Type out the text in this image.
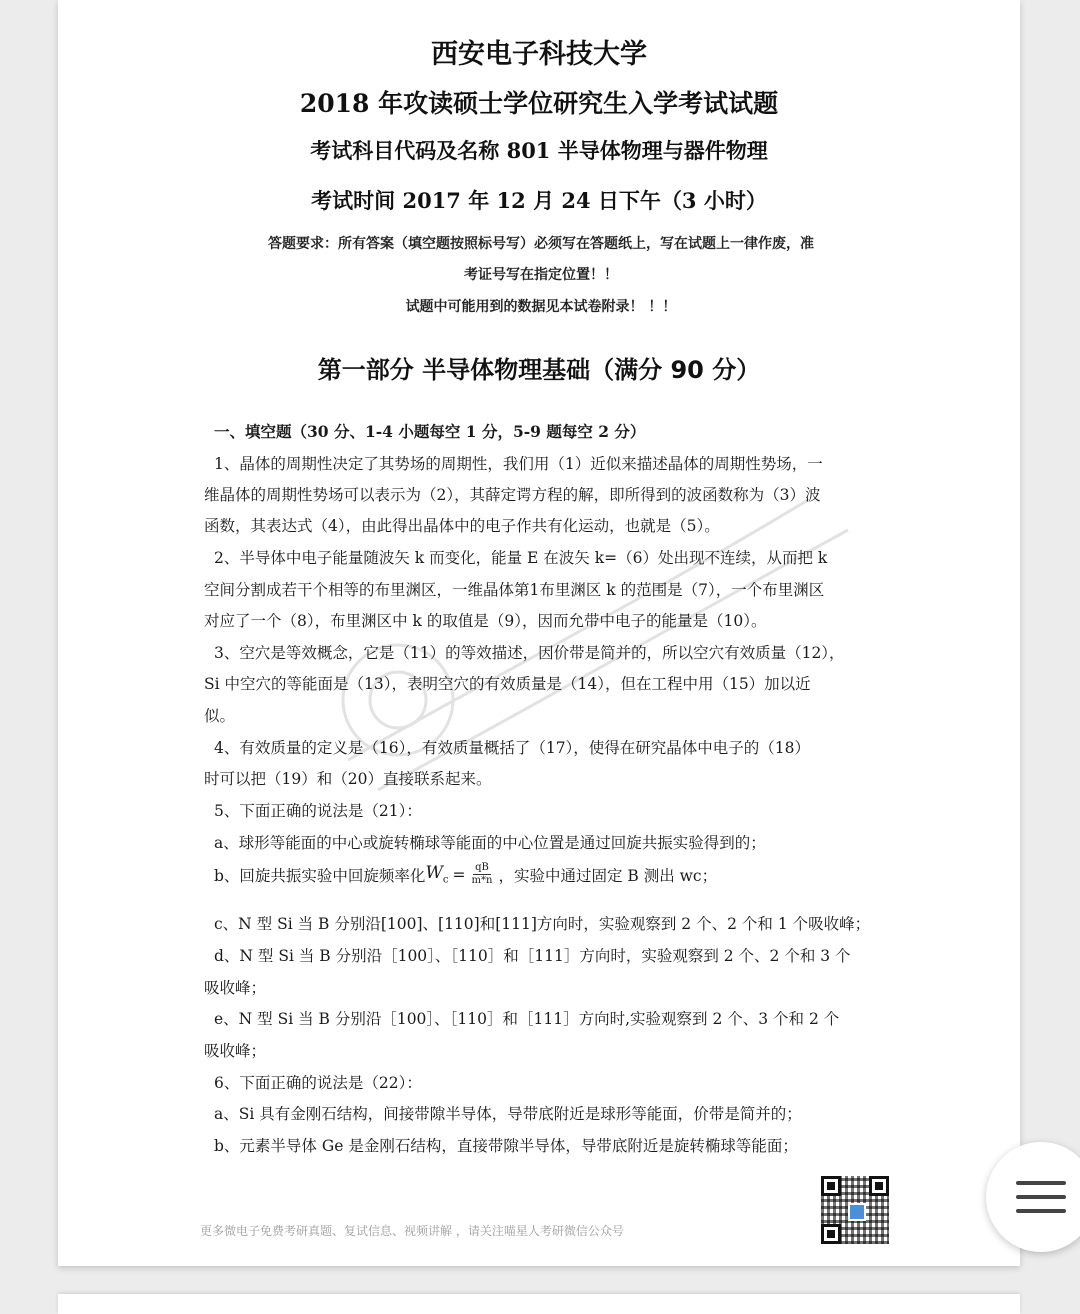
西安电子科技大学
2018 年攻读硕士学位研究生入学考试试题
考试科目代码及名称 801 半导体物理与器件物理
考试时间 2017 年 12 月 24 日下午（3 小时）
答题要求：所有答案（填空题按照标号写）必须写在答题纸上，写在试题上一律作废，准
考证号写在指定位置！！
试题中可能用到的数据见本试卷附录！ ！！
第一部分 半导体物理基础（满分 90 分）
一、填空题（30 分、1-4 小题每空 1 分，5-9 题每空 2 分）
1、晶体的周期性决定了其势场的周期性，我们用（1）近似来描述晶体的周期性势场，一
维晶体的周期性势场可以表示为（2），其薛定谔方程的解，即所得到的波函数称为（3）波
函数，其表达式（4），由此得出晶体中的电子作共有化运动，也就是（5）。
2、半导体中电子能量随波矢 k 而变化，能量 E 在波矢 k=（6）处出现不连续，从而把 k
空间分割成若干个相等的布里渊区，一维晶体第1布里渊区 k 的范围是（7），一个布里渊区
对应了一个（8），布里渊区中 k 的取值是（9），因而允带中电子的能量是（10）。
3、空穴是等效概念，它是（11）的等效描述，因价带是简并的，所以空穴有效质量（12），
Si 中空穴的等能面是（13），表明空穴的有效质量是（14），但在工程中用（15）加以近
似。
4、有效质量的定义是（16），有效质量概括了（17），使得在研究晶体中电子的（18）
时可以把（19）和（20）直接联系起来。
5、下面正确的说法是（21）：
a、球形等能面的中心或旋转椭球等能面的中心位置是通过回旋共振实验得到的；
b、回旋共振实验中回旋频率化 $W_c = \frac{qB}{m*n}$ ，实验中通过固定 B 测出 wc；
c、N 型 Si 当 B 分别沿[100]、[110]和[111]方向时，实验观察到 2 个、2 个和 1 个吸收峰；
d、N 型 Si 当 B 分别沿［100］、［110］和［111］方向时，实验观察到 2 个、2 个和 3 个
吸收峰；
e、N 型 Si 当 B 分别沿［100］、［110］和［111］方向时,实验观察到 2 个、3 个和 2 个
吸收峰；
6、下面正确的说法是（22）：
a、Si 具有金刚石结构，间接带隙半导体，导带底附近是球形等能面，价带是简并的；
b、元素半导体 Ge 是金刚石结构，直接带隙半导体，导带底附近是旋转椭球等能面；
更多微电子免费考研真题、复试信息、视频讲解 ，请关注喵星人考研微信公众号
